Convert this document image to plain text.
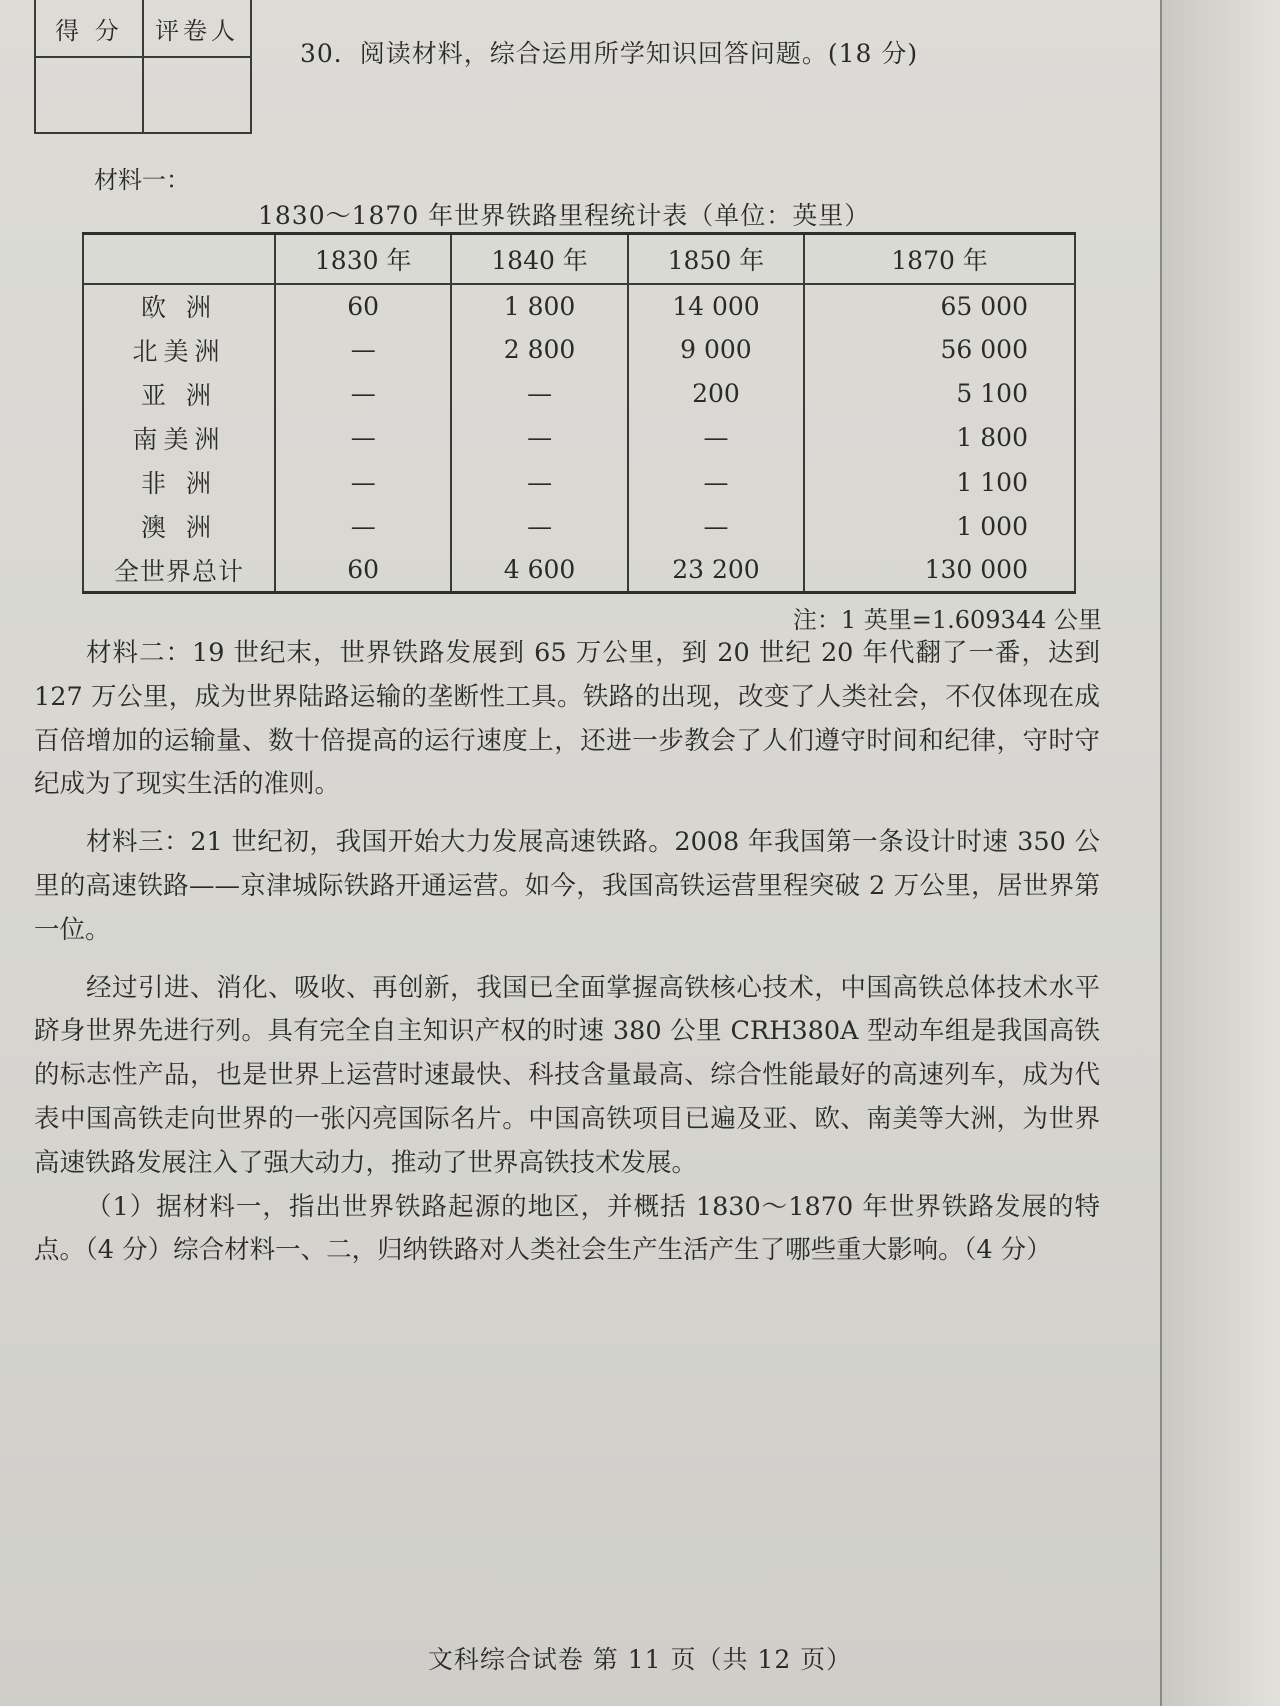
得 分	评卷人
30．阅读材料，综合运用所学知识回答问题。(18 分)
材料一：
1830～1870 年世界铁路里程统计表（单位：英里）
	1830 年	1840 年	1850 年	1870 年
欧 洲	60	1 800	14 000	65 000
北美洲	—	2 800	9 000	56 000
亚 洲	—	—	200	5 100
南美洲	—	—	—	1 800
非 洲	—	—	—	1 100
澳 洲	—	—	—	1 000
全世界总计	60	4 600	23 200	130 000
注：1 英里=1.609344 公里

材料二：19 世纪末，世界铁路发展到 65 万公里，到 20 世纪 20 年代翻了一番，达到 127 万公里，成为世界陆路运输的垄断性工具。铁路的出现，改变了人类社会，不仅体现在成百倍增加的运输量、数十倍提高的运行速度上，还进一步教会了人们遵守时间和纪律，守时守纪成为了现实生活的准则。

材料三：21 世纪初，我国开始大力发展高速铁路。2008 年我国第一条设计时速 350 公里的高速铁路——京津城际铁路开通运营。如今，我国高铁运营里程突破 2 万公里，居世界第一位。

经过引进、消化、吸收、再创新，我国已全面掌握高铁核心技术，中国高铁总体技术水平跻身世界先进行列。具有完全自主知识产权的时速 380 公里 CRH380A 型动车组是我国高铁的标志性产品，也是世界上运营时速最快、科技含量最高、综合性能最好的高速列车，成为代表中国高铁走向世界的一张闪亮国际名片。中国高铁项目已遍及亚、欧、南美等大洲，为世界高速铁路发展注入了强大动力，推动了世界高铁技术发展。

（1）据材料一，指出世界铁路起源的地区，并概括 1830～1870 年世界铁路发展的特点。（4 分）综合材料一、二，归纳铁路对人类社会生产生活产生了哪些重大影响。（4 分）

文科综合试卷 第 11 页（共 12 页）
